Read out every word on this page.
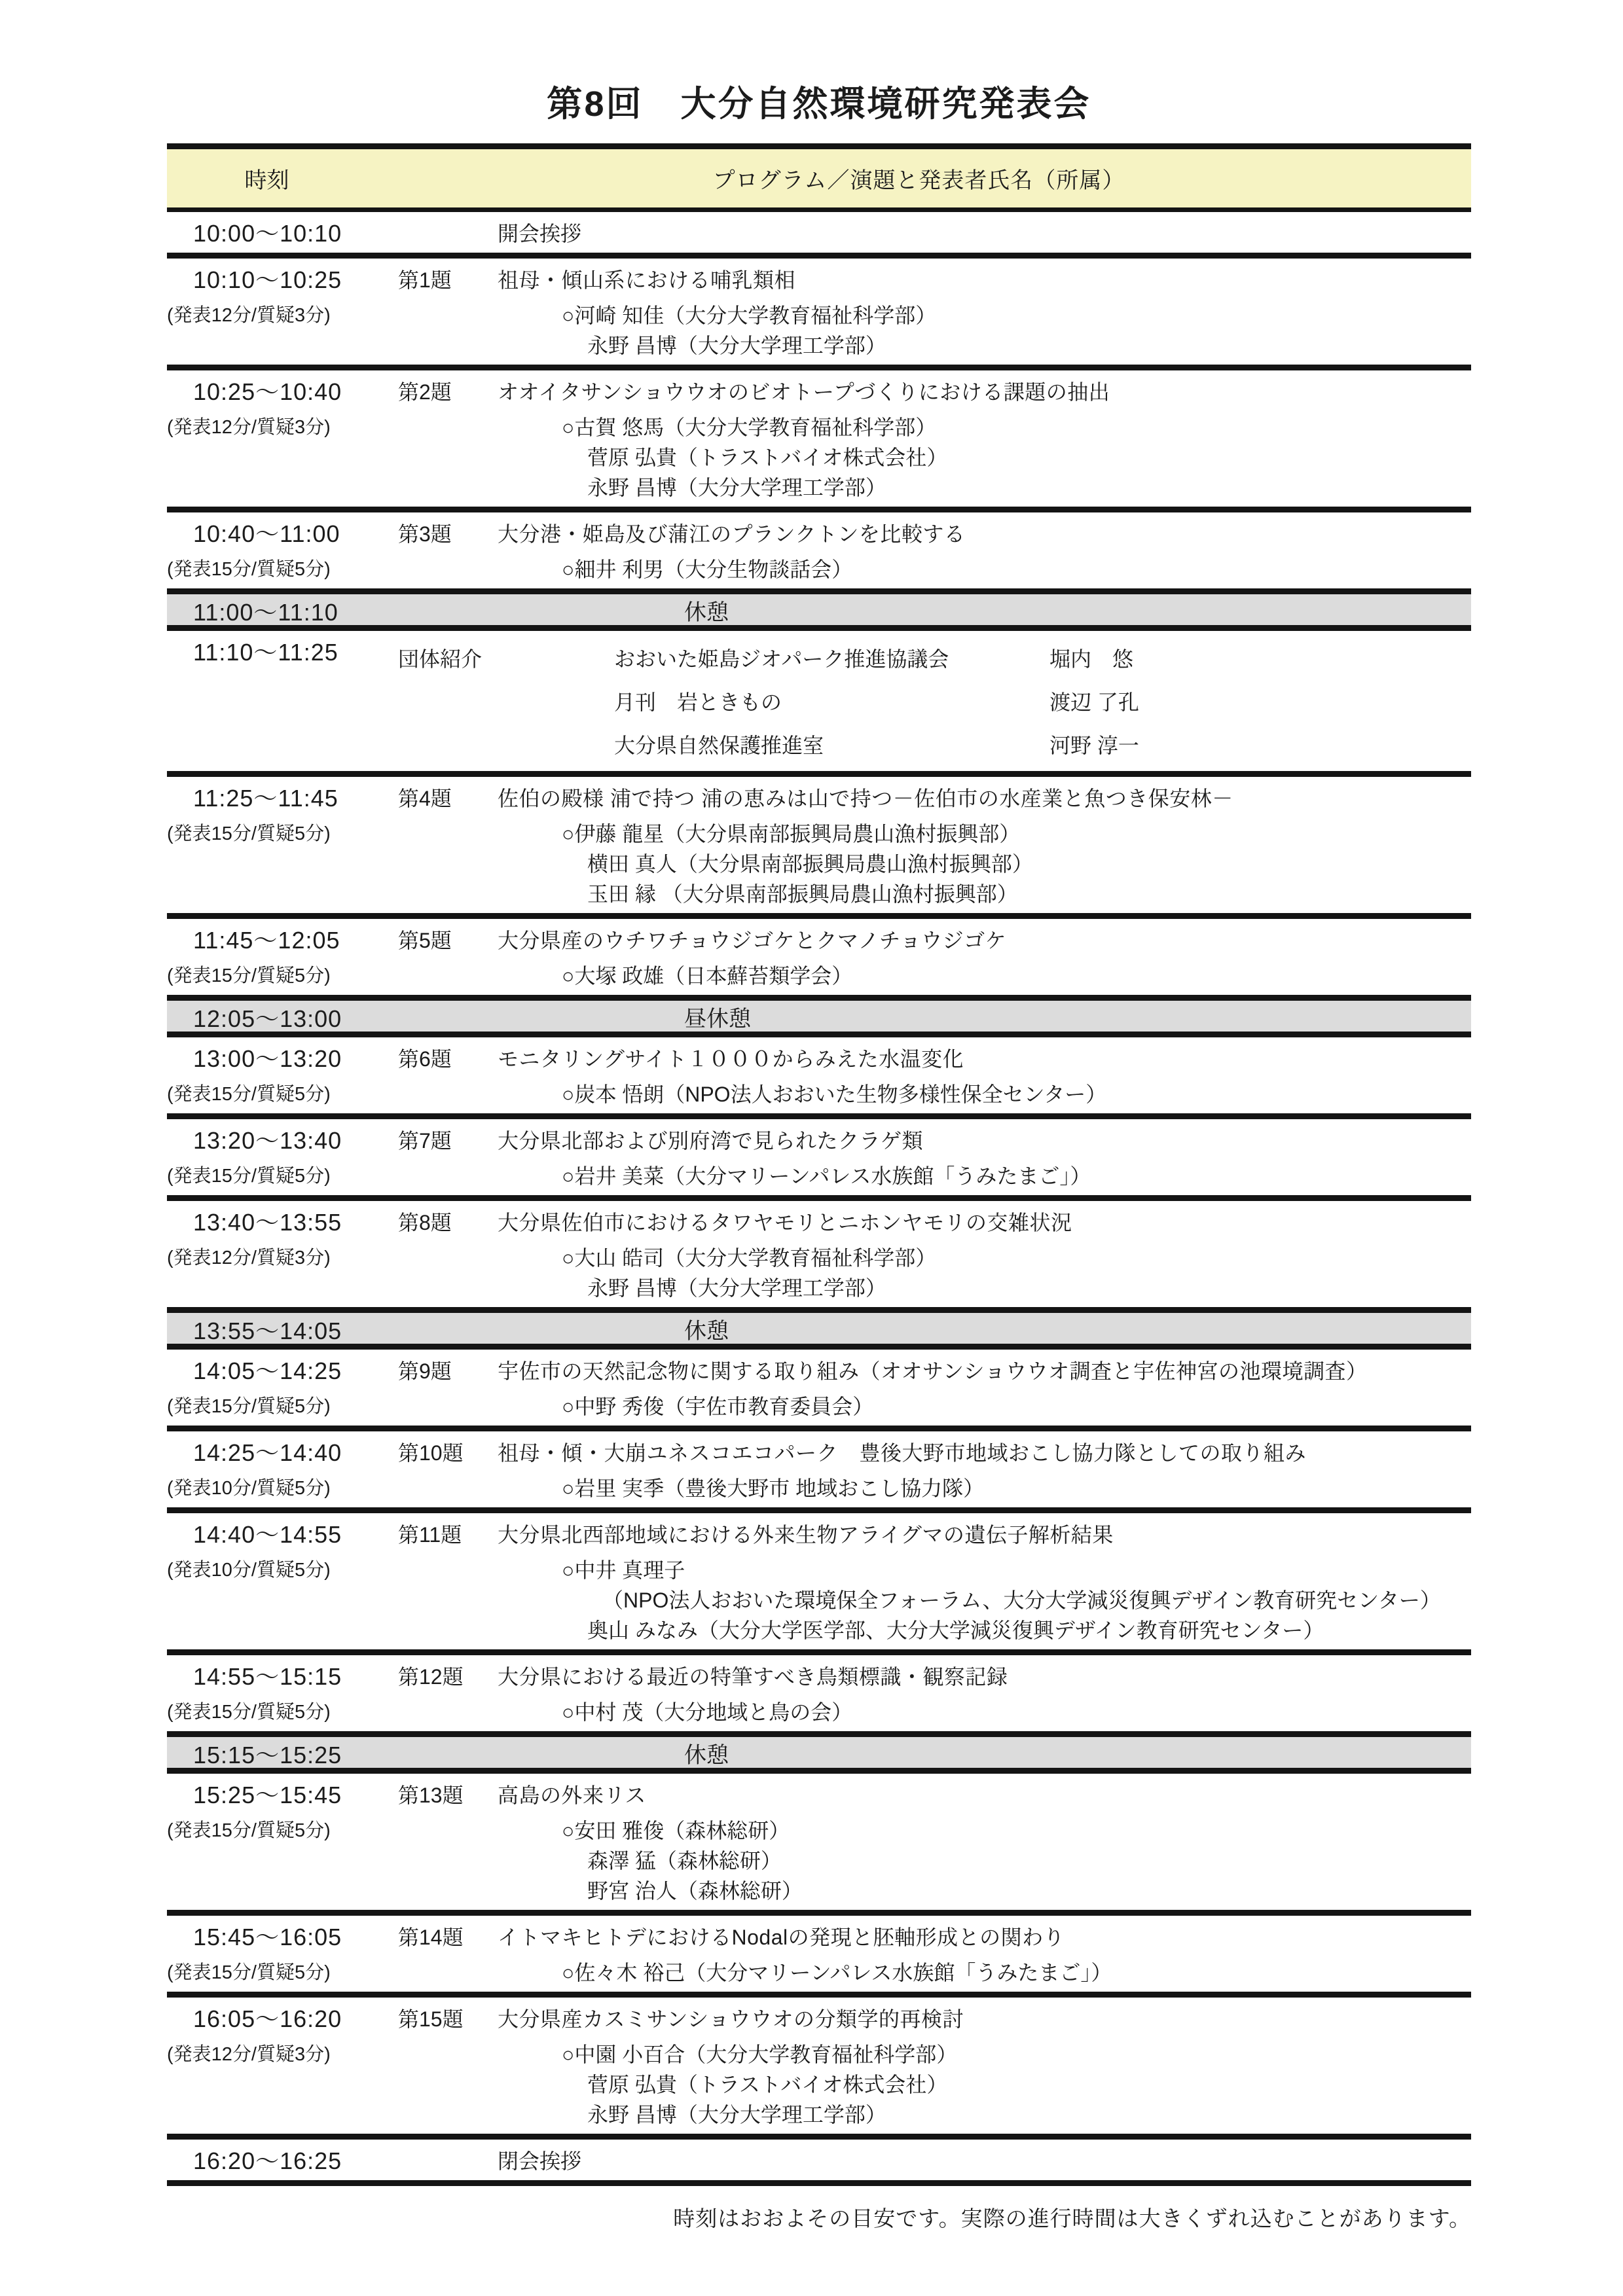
第8回　大分自然環境研究発表会
時刻	プログラム／演題と発表者氏名（所属）
10:00～10:10	開会挨拶
10:10～10:25
(発表12分/質疑3分)
第1題	祖母・傾山系における哺乳類相
○河崎 知佳（大分大学教育福祉科学部）
永野 昌博（大分大学理工学部）
10:25～10:40
(発表12分/質疑3分)
第2題	オオイタサンショウウオのビオトープづくりにおける課題の抽出
○古賀 悠馬（大分大学教育福祉科学部）
菅原 弘貴（トラストバイオ株式会社）
永野 昌博（大分大学理工学部）
10:40～11:00
(発表15分/質疑5分)
第3題	大分港・姫島及び蒲江のプランクトンを比較する
○細井 利男（大分生物談話会）
11:00～11:10	休憩
11:10～11:25	団体紹介	おおいた姫島ジオパーク推進協議会	堀内　悠
月刊　岩ときもの	渡辺 了孔
大分県自然保護推進室	河野 淳一
11:25～11:45
(発表15分/質疑5分)
第4題	佐伯の殿様 浦で持つ 浦の恵みは山で持つ－佐伯市の水産業と魚つき保安林－
○伊藤 龍星（大分県南部振興局農山漁村振興部）
横田 真人（大分県南部振興局農山漁村振興部）
玉田 縁 （大分県南部振興局農山漁村振興部）
11:45～12:05
(発表15分/質疑5分)
第5題	大分県産のウチワチョウジゴケとクマノチョウジゴケ
○大塚 政雄（日本蘚苔類学会）
12:05～13:00	昼休憩
13:00～13:20
(発表15分/質疑5分)
第6題	モニタリングサイト１０００からみえた水温変化
○炭本 悟朗（NPO法人おおいた生物多様性保全センター）
13:20～13:40
(発表15分/質疑5分)
第7題	大分県北部および別府湾で見られたクラゲ類
○岩井 美菜（大分マリーンパレス水族館「うみたまご」）
13:40～13:55
(発表12分/質疑3分)
第8題	大分県佐伯市におけるタワヤモリとニホンヤモリの交雑状況
○大山 皓司（大分大学教育福祉科学部）
永野 昌博（大分大学理工学部）
13:55～14:05	休憩
14:05～14:25
(発表15分/質疑5分)
第9題	宇佐市の天然記念物に関する取り組み（オオサンショウウオ調査と宇佐神宮の池環境調査）
○中野 秀俊（宇佐市教育委員会）
14:25～14:40
(発表10分/質疑5分)
第10題	祖母・傾・大崩ユネスコエコパーク　豊後大野市地域おこし協力隊としての取り組み
○岩里 実季（豊後大野市 地域おこし協力隊）
14:40～14:55
(発表10分/質疑5分)
第11題	大分県北西部地域における外来生物アライグマの遺伝子解析結果
○中井 真理子
（NPO法人おおいた環境保全フォーラム、大分大学減災復興デザイン教育研究センター）
奥山 みなみ（大分大学医学部、大分大学減災復興デザイン教育研究センター）
14:55～15:15
(発表15分/質疑5分)
第12題	大分県における最近の特筆すべき鳥類標識・観察記録
○中村 茂（大分地域と鳥の会）
15:15～15:25	休憩
15:25～15:45
(発表15分/質疑5分)
第13題	高島の外来リス
○安田 雅俊（森林総研）
森澤 猛（森林総研）
野宮 治人（森林総研）
15:45～16:05
(発表15分/質疑5分)
第14題	イトマキヒトデにおけるNodalの発現と胚軸形成との関わり
○佐々木 裕己（大分マリーンパレス水族館「うみたまご」）
16:05～16:20
(発表12分/質疑3分)
第15題	大分県産カスミサンショウウオの分類学的再検討
○中園 小百合（大分大学教育福祉科学部）
菅原 弘貴（トラストバイオ株式会社）
永野 昌博（大分大学理工学部）
16:20～16:25	閉会挨拶
時刻はおおよその目安です。実際の進行時間は大きくずれ込むことがあります。
